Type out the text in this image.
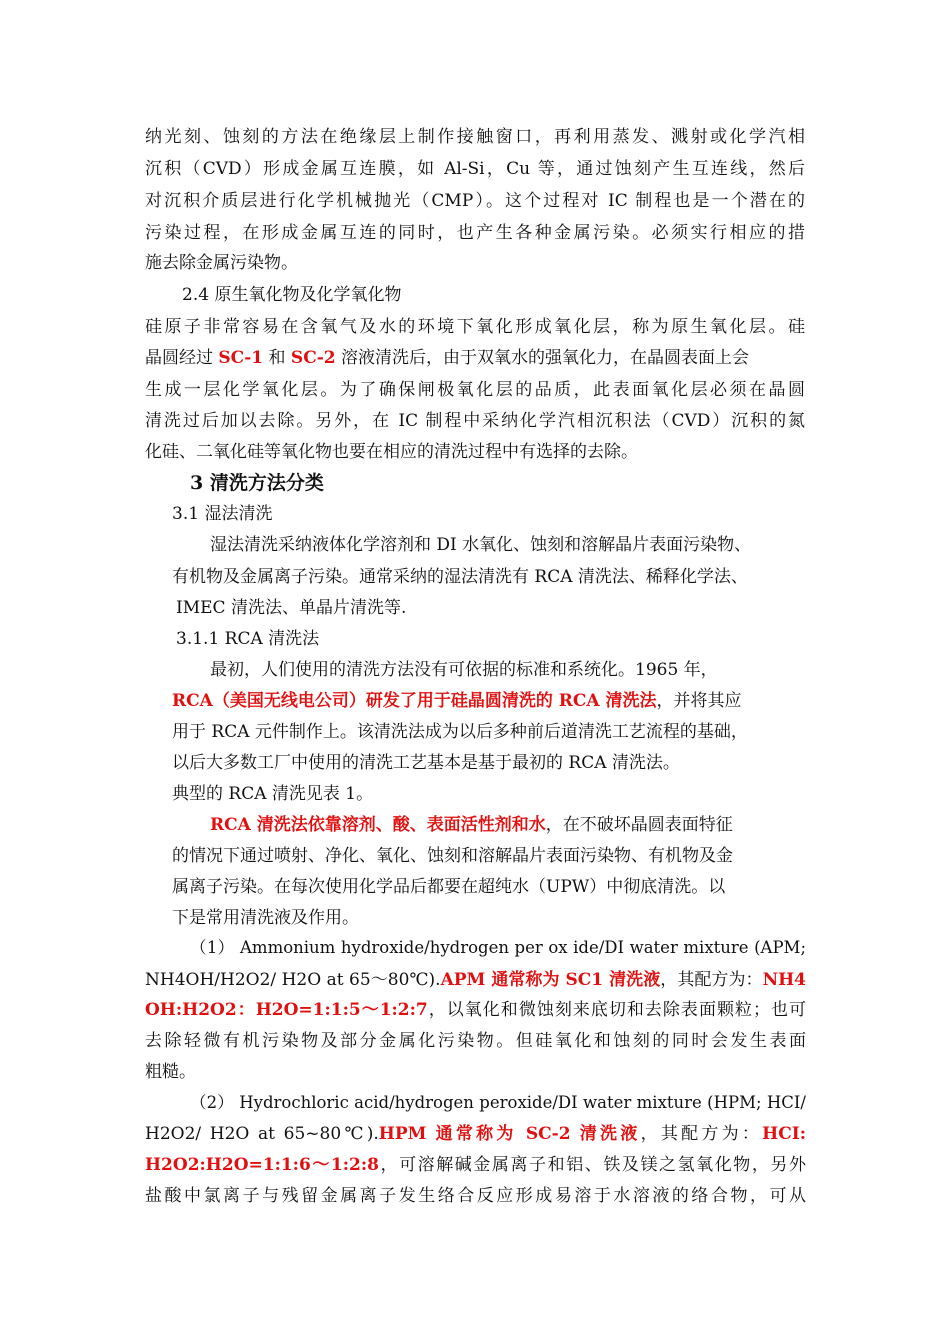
纳光刻、蚀刻的方法在绝缘层上制作接触窗口，再利用蒸发、溅射或化学汽相
沉积（CVD）形成金属互连膜，如 Al-Si，Cu 等，通过蚀刻产生互连线，然后
对沉积介质层进行化学机械抛光（CMP）。这个过程对 IC 制程也是一个潜在的
污染过程，在形成金属互连的同时，也产生各种金属污染。必须实行相应的措
施去除金属污染物。
2.4 原生氧化物及化学氧化物
硅原子非常容易在含氧气及水的环境下氧化形成氧化层，称为原生氧化层。硅
晶圆经过 SC-1 和 SC-2 溶液清洗后，由于双氧水的强氧化力，在晶圆表面上会
生成一层化学氧化层。为了确保闸极氧化层的品质，此表面氧化层必须在晶圆
清洗过后加以去除。另外，在 IC 制程中采纳化学汽相沉积法（CVD）沉积的氮
化硅、二氧化硅等氧化物也要在相应的清洗过程中有选择的去除。
3 清洗方法分类
3.1 湿法清洗
湿法清洗采纳液体化学溶剂和 DI 水氧化、蚀刻和溶解晶片表面污染物、
有机物及金属离子污染。通常采纳的湿法清洗有 RCA 清洗法、稀释化学法、
IMEC 清洗法、单晶片清洗等.
3.1.1 RCA 清洗法
最初，人们使用的清洗方法没有可依据的标准和系统化。1965 年，
RCA（美国无线电公司）研发了用于硅晶圆清洗的 RCA 清洗法，并将其应
用于 RCA 元件制作上。该清洗法成为以后多种前后道清洗工艺流程的基础，
以后大多数工厂中使用的清洗工艺基本是基于最初的 RCA 清洗法。
典型的 RCA 清洗见表 1。
RCA 清洗法依靠溶剂、酸、表面活性剂和水，在不破坏晶圆表面特征
的情况下通过喷射、净化、氧化、蚀刻和溶解晶片表面污染物、有机物及金
属离子污染。在每次使用化学品后都要在超纯水（UPW）中彻底清洗。以
下是常用清洗液及作用。
（1） Ammonium hydroxide/hydrogen per ox ide/DI water mixture (APM;
NH4OH/H2O2/ H2O at 65～80℃).APM 通常称为 SC1 清洗液，其配方为：NH4
OH:H2O2：H2O=1:1:5～1:2:7，以氧化和微蚀刻来底切和去除表面颗粒；也可
去除轻微有机污染物及部分金属化污染物。但硅氧化和蚀刻的同时会发生表面
粗糙。
（2） Hydrochloric acid/hydrogen peroxide/DI water mixture (HPM; HCI/
H2O2/ H2O at 65~80℃).HPM 通常称为 SC-2 清洗液，其配方为：HCI:
H2O2:H2O=1:1:6～1:2:8，可溶解碱金属离子和铝、铁及镁之氢氧化物，另外
盐酸中氯离子与残留金属离子发生络合反应形成易溶于水溶液的络合物，可从
